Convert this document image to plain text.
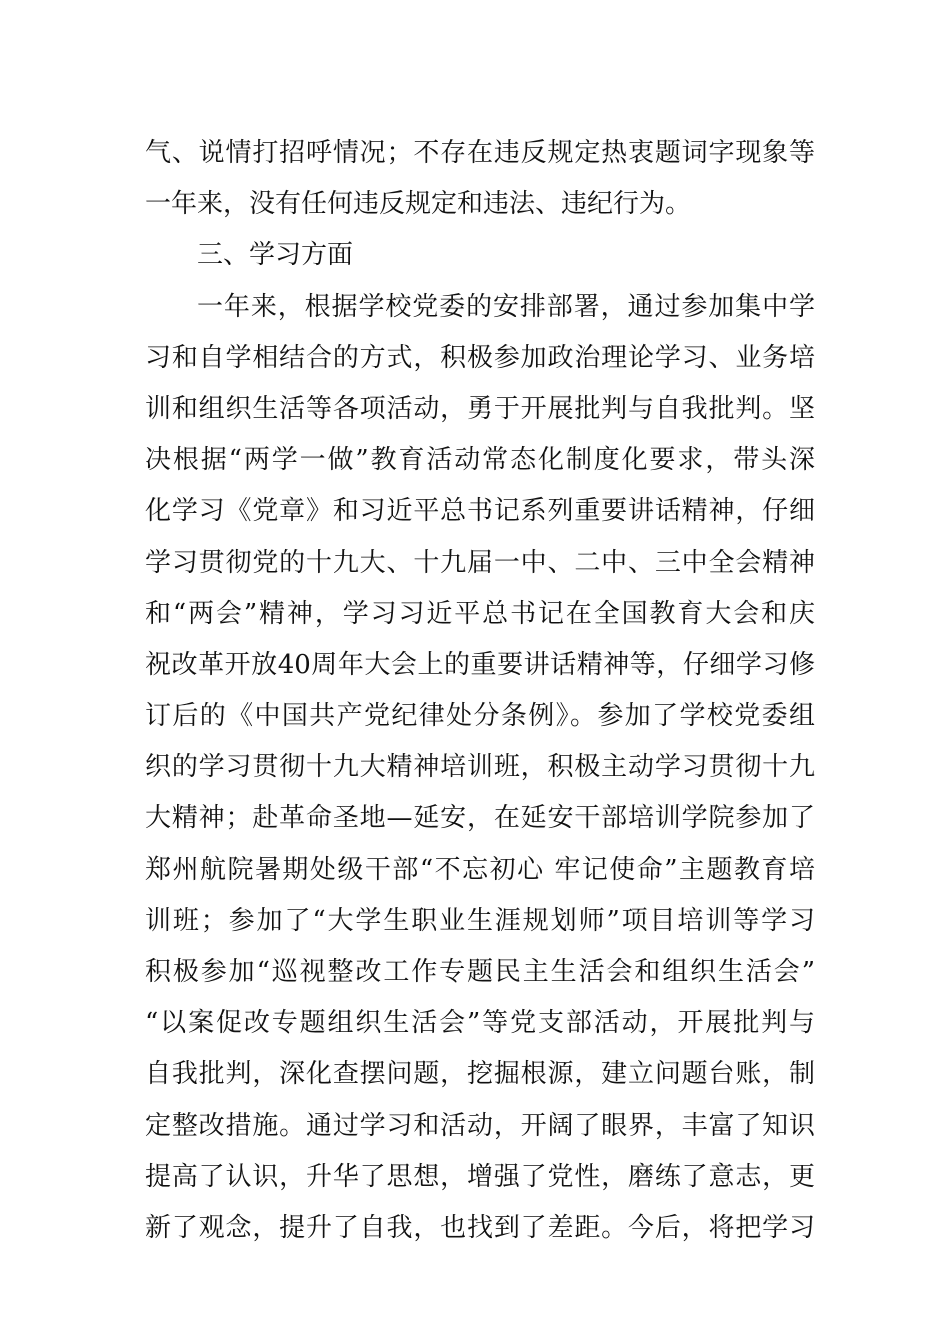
气、说情打招呼情况；不存在违反规定热衷题词字现象等
一年来，没有任何违反规定和违法、违纪行为。
三、学习方面
一年来，根据学校党委的安排部署，通过参加集中学
习和自学相结合的方式，积极参加政治理论学习、业务培
训和组织生活等各项活动，勇于开展批判与自我批判。坚
决根据“两学一做”教育活动常态化制度化要求，带头深
化学习《党章》和习近平总书记系列重要讲话精神，仔细
学习贯彻党的十九大、十九届一中、二中、三中全会精神
和“两会”精神，学习习近平总书记在全国教育大会和庆
祝改革开放40周年大会上的重要讲话精神等，仔细学习修
订后的《中国共产党纪律处分条例》。参加了学校党委组
织的学习贯彻十九大精神培训班，积极主动学习贯彻十九
大精神；赴革命圣地—延安，在延安干部培训学院参加了
郑州航院暑期处级干部“不忘初心 牢记使命”主题教育培
训班；参加了“大学生职业生涯规划师”项目培训等学习
积极参加“巡视整改工作专题民主生活会和组织生活会”
“以案促改专题组织生活会”等党支部活动，开展批判与
自我批判，深化查摆问题，挖掘根源，建立问题台账，制
定整改措施。通过学习和活动，开阔了眼界，丰富了知识
提高了认识，升华了思想，增强了党性，磨练了意志，更
新了观念，提升了自我，也找到了差距。今后，将把学习
